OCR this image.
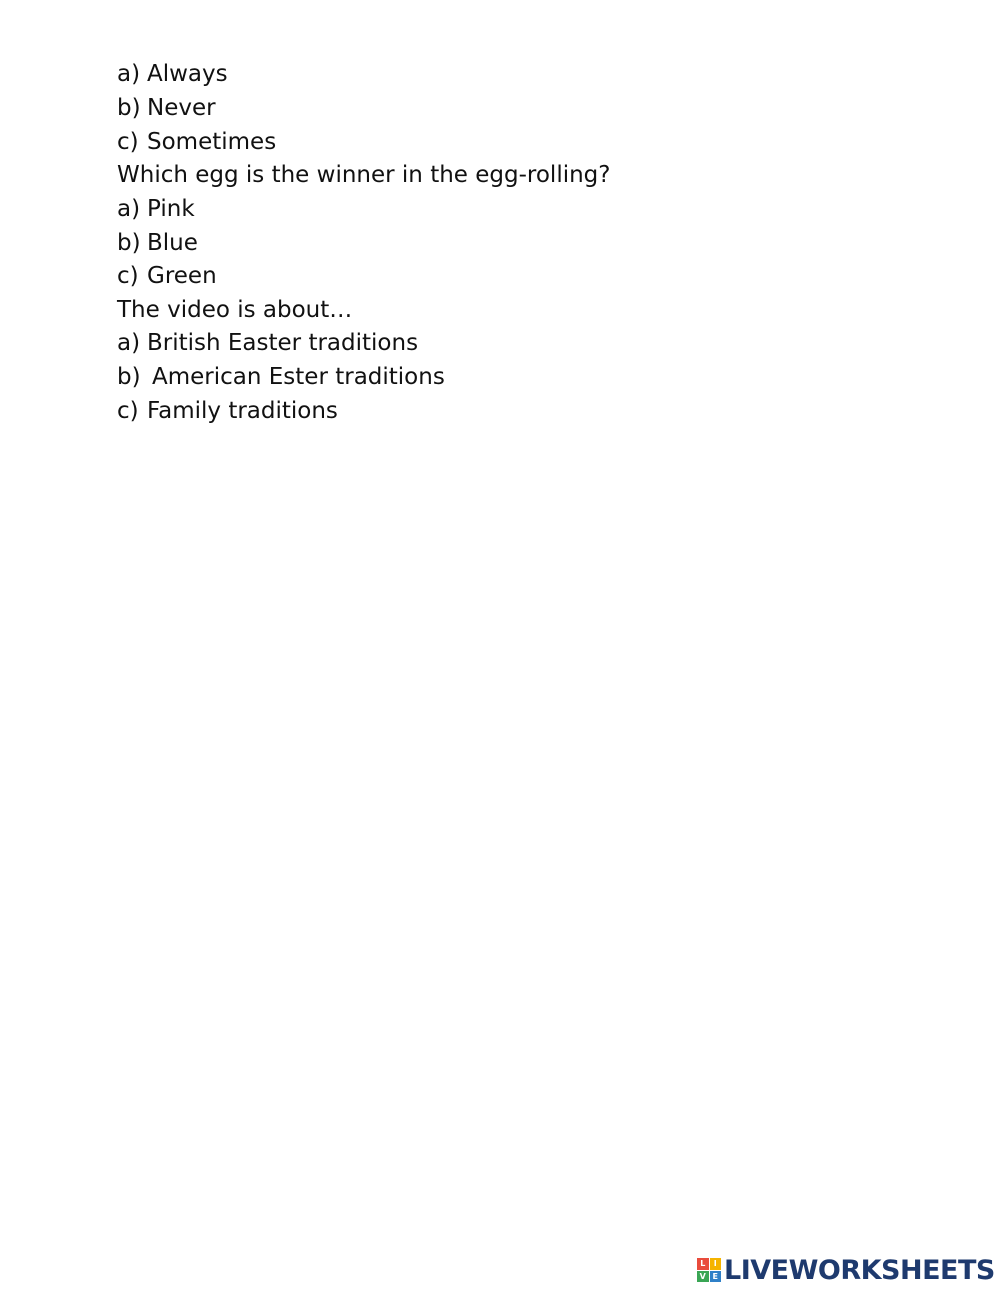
a) Always
b) Never
c) Sometimes
Which egg is the winner in the egg-rolling?
a) Pink
b) Blue
c) Green
The video is about…
a) British Easter traditions
b) American Ester traditions
c) Family traditions
L	I
V E LIVEWORKSHEETS
